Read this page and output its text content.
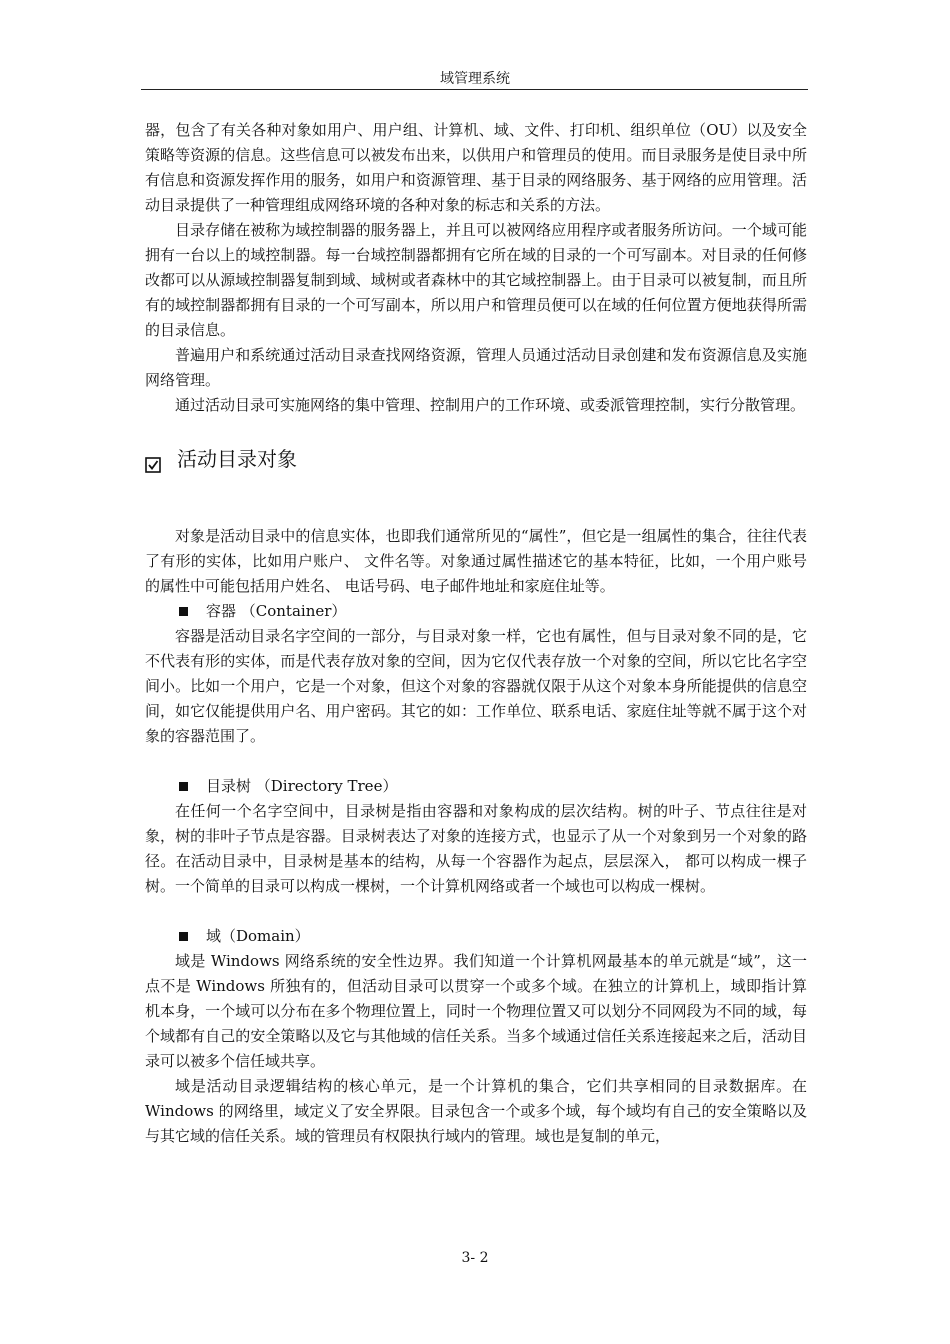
域管理系统

器，包含了有关各种对象如用户、用户组、计算机、域、文件、打印机、组织单位（OU）以及安全策略等资源的信息。这些信息可以被发布出来，以供用户和管理员的使用。而目录服务是使目录中所有信息和资源发挥作用的服务，如用户和资源管理、基于目录的网络服务、基于网络的应用管理。活动目录提供了一种管理组成网络环境的各种对象的标志和关系的方法。

目录存储在被称为域控制器的服务器上，并且可以被网络应用程序或者服务所访问。一个域可能拥有一台以上的域控制器。每一台域控制器都拥有它所在域的目录的一个可写副本。对目录的任何修改都可以从源域控制器复制到域、域树或者森林中的其它域控制器上。由于目录可以被复制，而且所有的域控制器都拥有目录的一个可写副本，所以用户和管理员便可以在域的任何位置方便地获得所需的目录信息。

普遍用户和系统通过活动目录查找网络资源，管理人员通过活动目录创建和发布资源信息及实施网络管理。

通过活动目录可实施网络的集中管理、控制用户的工作环境、或委派管理控制，实行分散管理。

活动目录对象

对象是活动目录中的信息实体，也即我们通常所见的“属性”，但它是一组属性的集合，往往代表了有形的实体，比如用户账户、 文件名等。对象通过属性描述它的基本特征，比如，一个用户账号的属性中可能包括用户姓名、 电话号码、电子邮件地址和家庭住址等。

容器 （Container）

容器是活动目录名字空间的一部分，与目录对象一样，它也有属性，但与目录对象不同的是，它不代表有形的实体，而是代表存放对象的空间，因为它仅代表存放一个对象的空间，所以它比名字空间小。比如一个用户，它是一个对象，但这个对象的容器就仅限于从这个对象本身所能提供的信息空间，如它仅能提供用户名、用户密码。其它的如：工作单位、联系电话、家庭住址等就不属于这个对象的容器范围了。

目录树 （Directory Tree）

在任何一个名字空间中，目录树是指由容器和对象构成的层次结构。树的叶子、节点往往是对象，树的非叶子节点是容器。目录树表达了对象的连接方式，也显示了从一个对象到另一个对象的路径。在活动目录中，目录树是基本的结构，从每一个容器作为起点，层层深入， 都可以构成一棵子树。一个简单的目录可以构成一棵树，一个计算机网络或者一个域也可以构成一棵树。

域（Domain）

域是 Windows 网络系统的安全性边界。我们知道一个计算机网最基本的单元就是“域”，这一点不是 Windows 所独有的，但活动目录可以贯穿一个或多个域。在独立的计算机上，域即指计算机本身，一个域可以分布在多个物理位置上，同时一个物理位置又可以划分不同网段为不同的域，每个域都有自己的安全策略以及它与其他域的信任关系。当多个域通过信任关系连接起来之后，活动目录可以被多个信任域共享。

域是活动目录逻辑结构的核心单元，是一个计算机的集合，它们共享相同的目录数据库。在 Windows 的网络里，域定义了安全界限。目录包含一个或多个域，每个域均有自己的安全策略以及与其它域的信任关系。域的管理员有权限执行域内的管理。域也是复制的单元，

3- 2
